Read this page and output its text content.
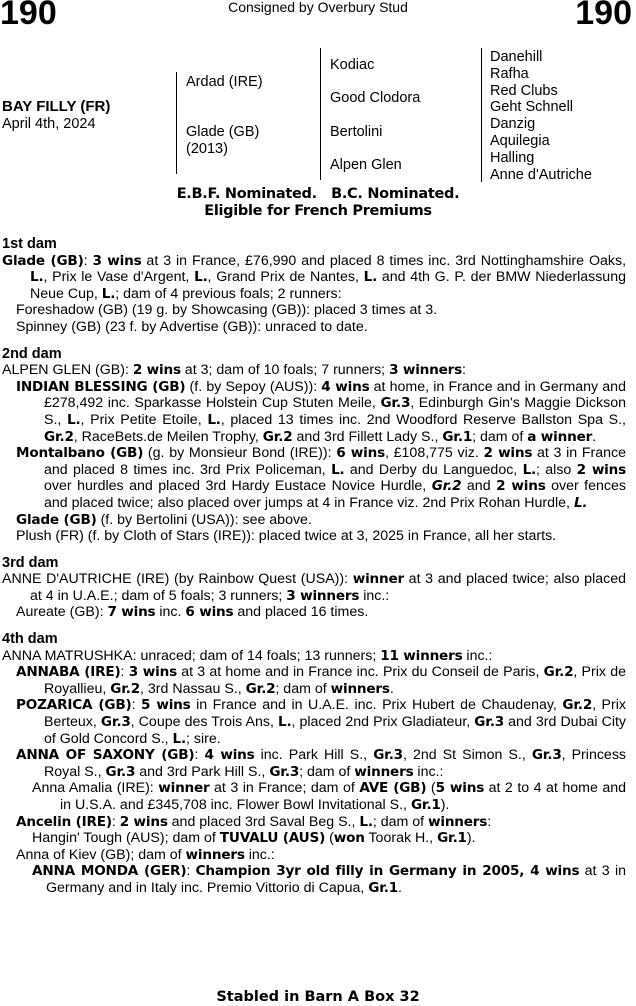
190	Consigned by Overbury Stud	190
BAY FILLY (FR)
April 4th, 2024
Ardad (IRE)
Glade (GB)
(2013)
Kodiac
Good Clodora
Bertolini
Alpen Glen
Danehill
Rafha
Red Clubs
Geht Schnell
Danzig
Aquilegia
Halling
Anne d'Autriche
E.B.F. Nominated.   B.C. Nominated.
Eligible for French Premiums
1st dam
Glade (GB): 3 wins at 3 in France, £76,990 and placed 8 times inc. 3rd Nottinghamshire Oaks, L., Prix le Vase d'Argent, L., Grand Prix de Nantes, L. and 4th G. P. der BMW Niederlassung Neue Cup, L.; dam of 4 previous foals; 2 runners:
Foreshadow (GB) (19 g. by Showcasing (GB)): placed 3 times at 3.
Spinney (GB) (23 f. by Advertise (GB)): unraced to date.
2nd dam
ALPEN GLEN (GB): 2 wins at 3; dam of 10 foals; 7 runners; 3 winners:
INDIAN BLESSING (GB) (f. by Sepoy (AUS)): 4 wins at home, in France and in Germany and £278,492 inc. Sparkasse Holstein Cup Stuten Meile, Gr.3, Edinburgh Gin's Maggie Dickson S., L., Prix Petite Etoile, L., placed 13 times inc. 2nd Woodford Reserve Ballston Spa S., Gr.2, RaceBets.de Meilen Trophy, Gr.2 and 3rd Fillett Lady S., Gr.1; dam of a winner.
Montalbano (GB) (g. by Monsieur Bond (IRE)): 6 wins, £108,775 viz. 2 wins at 3 in France and placed 8 times inc. 3rd Prix Policeman, L. and Derby du Languedoc, L.; also 2 wins over hurdles and placed 3rd Hardy Eustace Novice Hurdle, Gr.2 and 2 wins over fences and placed twice; also placed over jumps at 4 in France viz. 2nd Prix Rohan Hurdle, L.
Glade (GB) (f. by Bertolini (USA)): see above.
Plush (FR) (f. by Cloth of Stars (IRE)): placed twice at 3, 2025 in France, all her starts.
3rd dam
ANNE D'AUTRICHE (IRE) (by Rainbow Quest (USA)): winner at 3 and placed twice; also placed at 4 in U.A.E.; dam of 5 foals; 3 runners; 3 winners inc.:
Aureate (GB): 7 wins inc. 6 wins and placed 16 times.
4th dam
ANNA MATRUSHKA: unraced; dam of 14 foals; 13 runners; 11 winners inc.:
ANNABA (IRE): 3 wins at 3 at home and in France inc. Prix du Conseil de Paris, Gr.2, Prix de Royallieu, Gr.2, 3rd Nassau S., Gr.2; dam of winners.
POZARICA (GB): 5 wins in France and in U.A.E. inc. Prix Hubert de Chaudenay, Gr.2, Prix Berteux, Gr.3, Coupe des Trois Ans, L., placed 2nd Prix Gladiateur, Gr.3 and 3rd Dubai City of Gold Concord S., L.; sire.
ANNA OF SAXONY (GB): 4 wins inc. Park Hill S., Gr.3, 2nd St Simon S., Gr.3, Princess Royal S., Gr.3 and 3rd Park Hill S., Gr.3; dam of winners inc.:
Anna Amalia (IRE): winner at 3 in France; dam of AVE (GB) (5 wins at 2 to 4 at home and in U.S.A. and £345,708 inc. Flower Bowl Invitational S., Gr.1).
Ancelin (IRE): 2 wins and placed 3rd Saval Beg S., L.; dam of winners:
Hangin' Tough (AUS); dam of TUVALU (AUS) (won Toorak H., Gr.1).
Anna of Kiev (GB); dam of winners inc.:
ANNA MONDA (GER): Champion 3yr old filly in Germany in 2005, 4 wins at 3 in Germany and in Italy inc. Premio Vittorio di Capua, Gr.1.
Stabled in Barn A Box 32
